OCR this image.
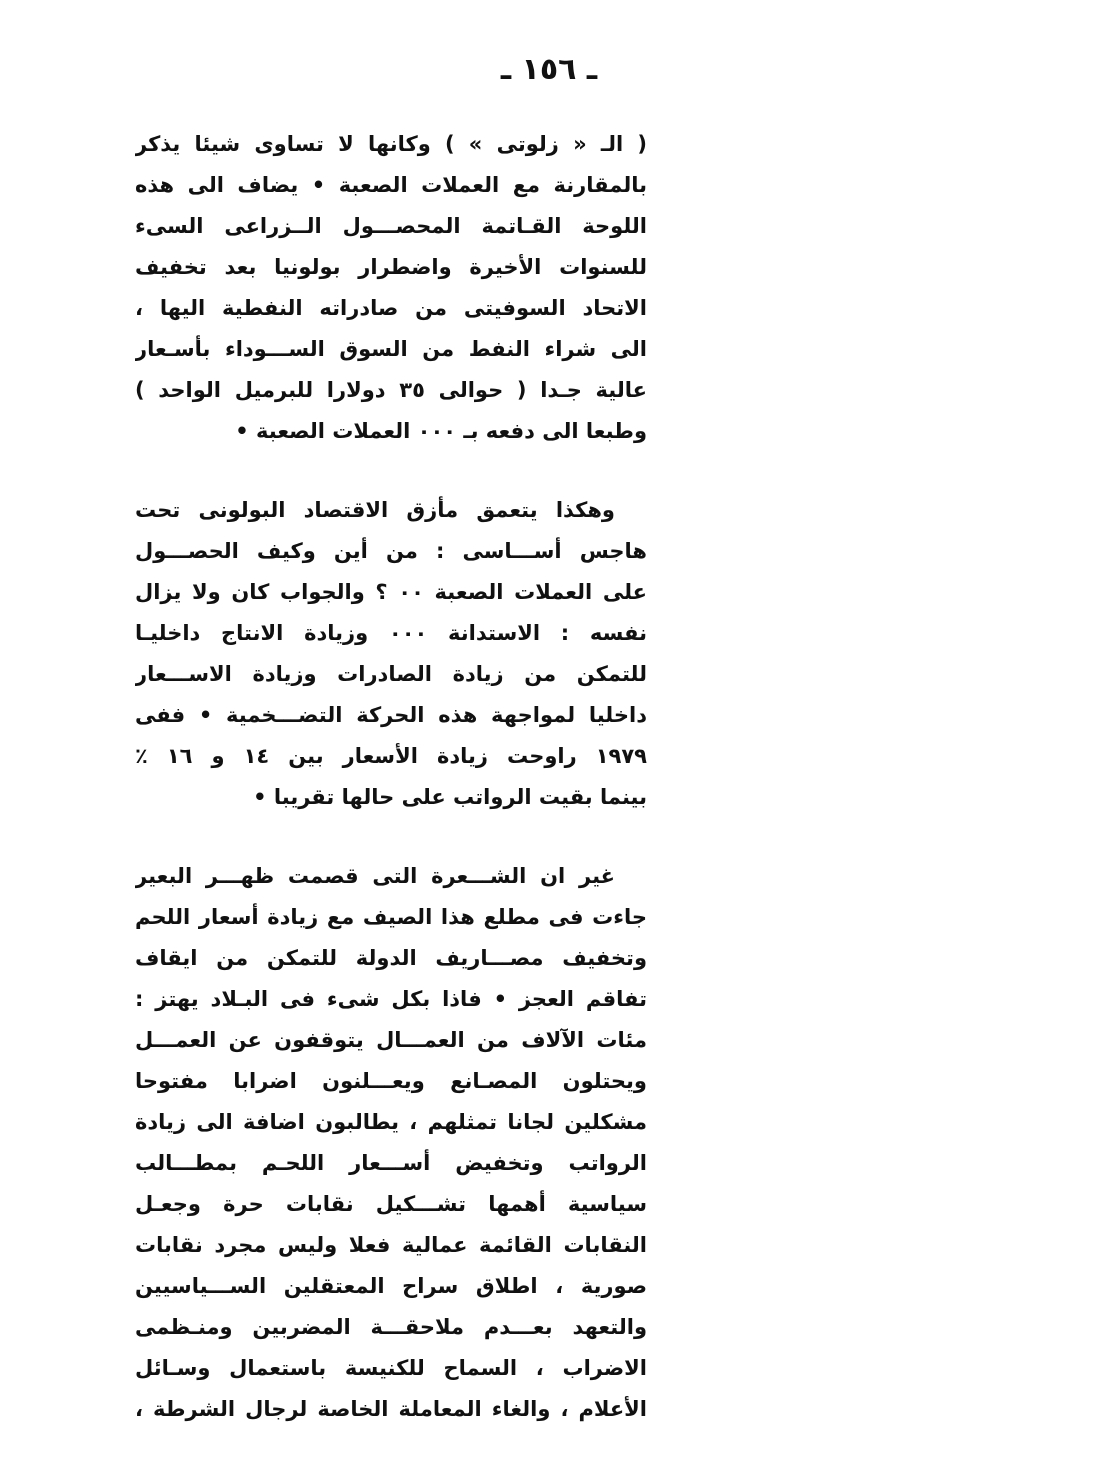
ـ ١٥٦ ـ
( الـ « زلوتى » ) وكانها لا تساوى شيئا يذكر
بالمقارنة مع العملات الصعبة • يضاف الى هذه
اللوحة القـاتمة المحصـــول الــزراعى السىء
للسنوات الأخيرة واضطرار بولونيا بعد تخفيف
الاتحاد السوفيتى من صادراته النفطية اليها ،
الى شراء النفط من السوق الســـوداء بأسـعار
عالية جـدا ( حوالى ٣٥ دولارا للبرميل الواحد )
وطبعا الى دفعه بـ ٠٠٠ العملات الصعبة •
وهكذا يتعمق مأزق الاقتصاد البولونى تحت
هاجس أســـاسى : من أين وكيف الحصـــول
على العملات الصعبة ٠٠ ؟ والجواب كان ولا يزال
نفسه : الاستدانة ٠٠٠ وزيادة الانتاج داخليـا
للتمكن من زيادة الصادرات وزيادة الاســـعار
داخليا لمواجهة هذه الحركة التضـــخمية • ففى
١٩٧٩ راوحت زيادة الأسعار بين ١٤ و ١٦ ٪
بينما بقيت الرواتب على حالها تقريبا •
غير ان الشـــعرة التى قصمت ظهـــر البعير
جاءت فى مطلع هذا الصيف مع زيادة أسعار اللحم
وتخفيف مصـــاريف الدولة للتمكن من ايقاف
تفاقم العجز • فاذا بكل شىء فى البـلاد يهتز :
مئات الآلاف من العمـــال يتوقفون عن العمـــل
ويحتلون المصـانع ويعـــلنون اضرابا مفتوحا
مشكلين لجانا تمثلهم ، يطالبون اضافة الى زيادة
الرواتب وتخفيض أســـعار اللحـم بمطـــالب
سياسية أهمها تشـــكيل نقابات حرة وجعـل
النقابات القائمة عمالية فعلا وليس مجرد نقابات
صورية ، اطلاق سراح المعتقلين الســـياسيين
والتعهد بعـــدم ملاحقـــة المضربين ومنـظمى
الاضراب ، السماح للكنيسة باستعمال وسـائل
الأعلام ، والغاء المعاملة الخاصة لرجال الشرطة ،
